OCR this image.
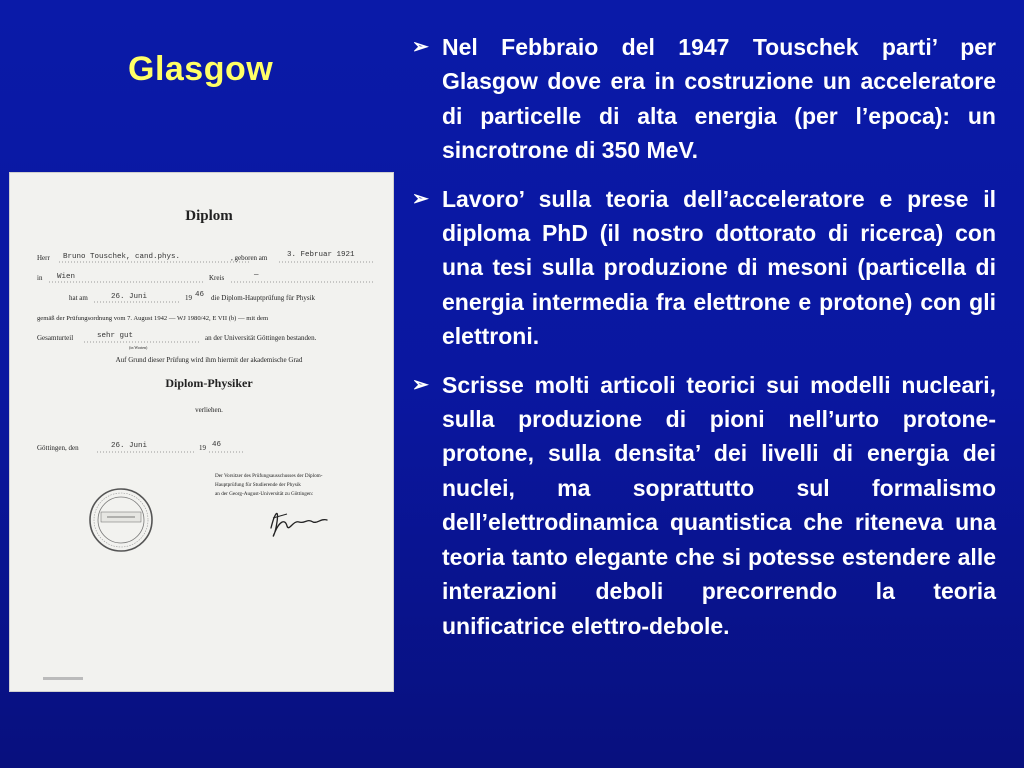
Glasgow
Diplom
Herr Bruno Touschek, cand.phys.	, geboren am	3. Februar 1921
in Wien	Kreis	—
hat am	26. Juni	19 46 die Diplom-Hauptprüfung für Physik
gemäß der Prüfungsordnung vom 7. August 1942 — WJ 1980/42, E VII (b) — mit dem
Gesamturteil	sehr gut
(in Worten)
an der Universität Göttingen bestanden.
Auf Grund dieser Prüfung wird ihm hiermit der akademische Grad
Diplom-Physiker
verliehen.
Göttingen, den	26. Juni	19 46
Der Vorsitzer des Prüfungsausschusses der Diplom-
Hauptprüfung für Studierende der Physik
an der Georg-August-Universität zu Göttingen:
➢ Nel Febbraio del 1947 Touschek parti’ per Glasgow dove era in costruzione un acceleratore di particelle di alta energia (per l’epoca): un sincrotrone di 350 MeV.
➢ Lavoro’ sulla teoria dell’acceleratore e prese il diploma PhD (il nostro dottorato di ricerca) con una tesi sulla produzione di mesoni (particella di energia intermedia fra elettrone e protone) con gli elettroni.
➢ Scrisse molti articoli teorici sui modelli nucleari, sulla produzione di pioni nell’urto protone-protone, sulla densita’ dei livelli di energia dei nuclei, ma soprattutto sul formalismo dell’elettrodinamica quantistica che riteneva una teoria tanto elegante che si potesse estendere alle interazioni deboli precorrendo la teoria unificatrice elettro-debole.
